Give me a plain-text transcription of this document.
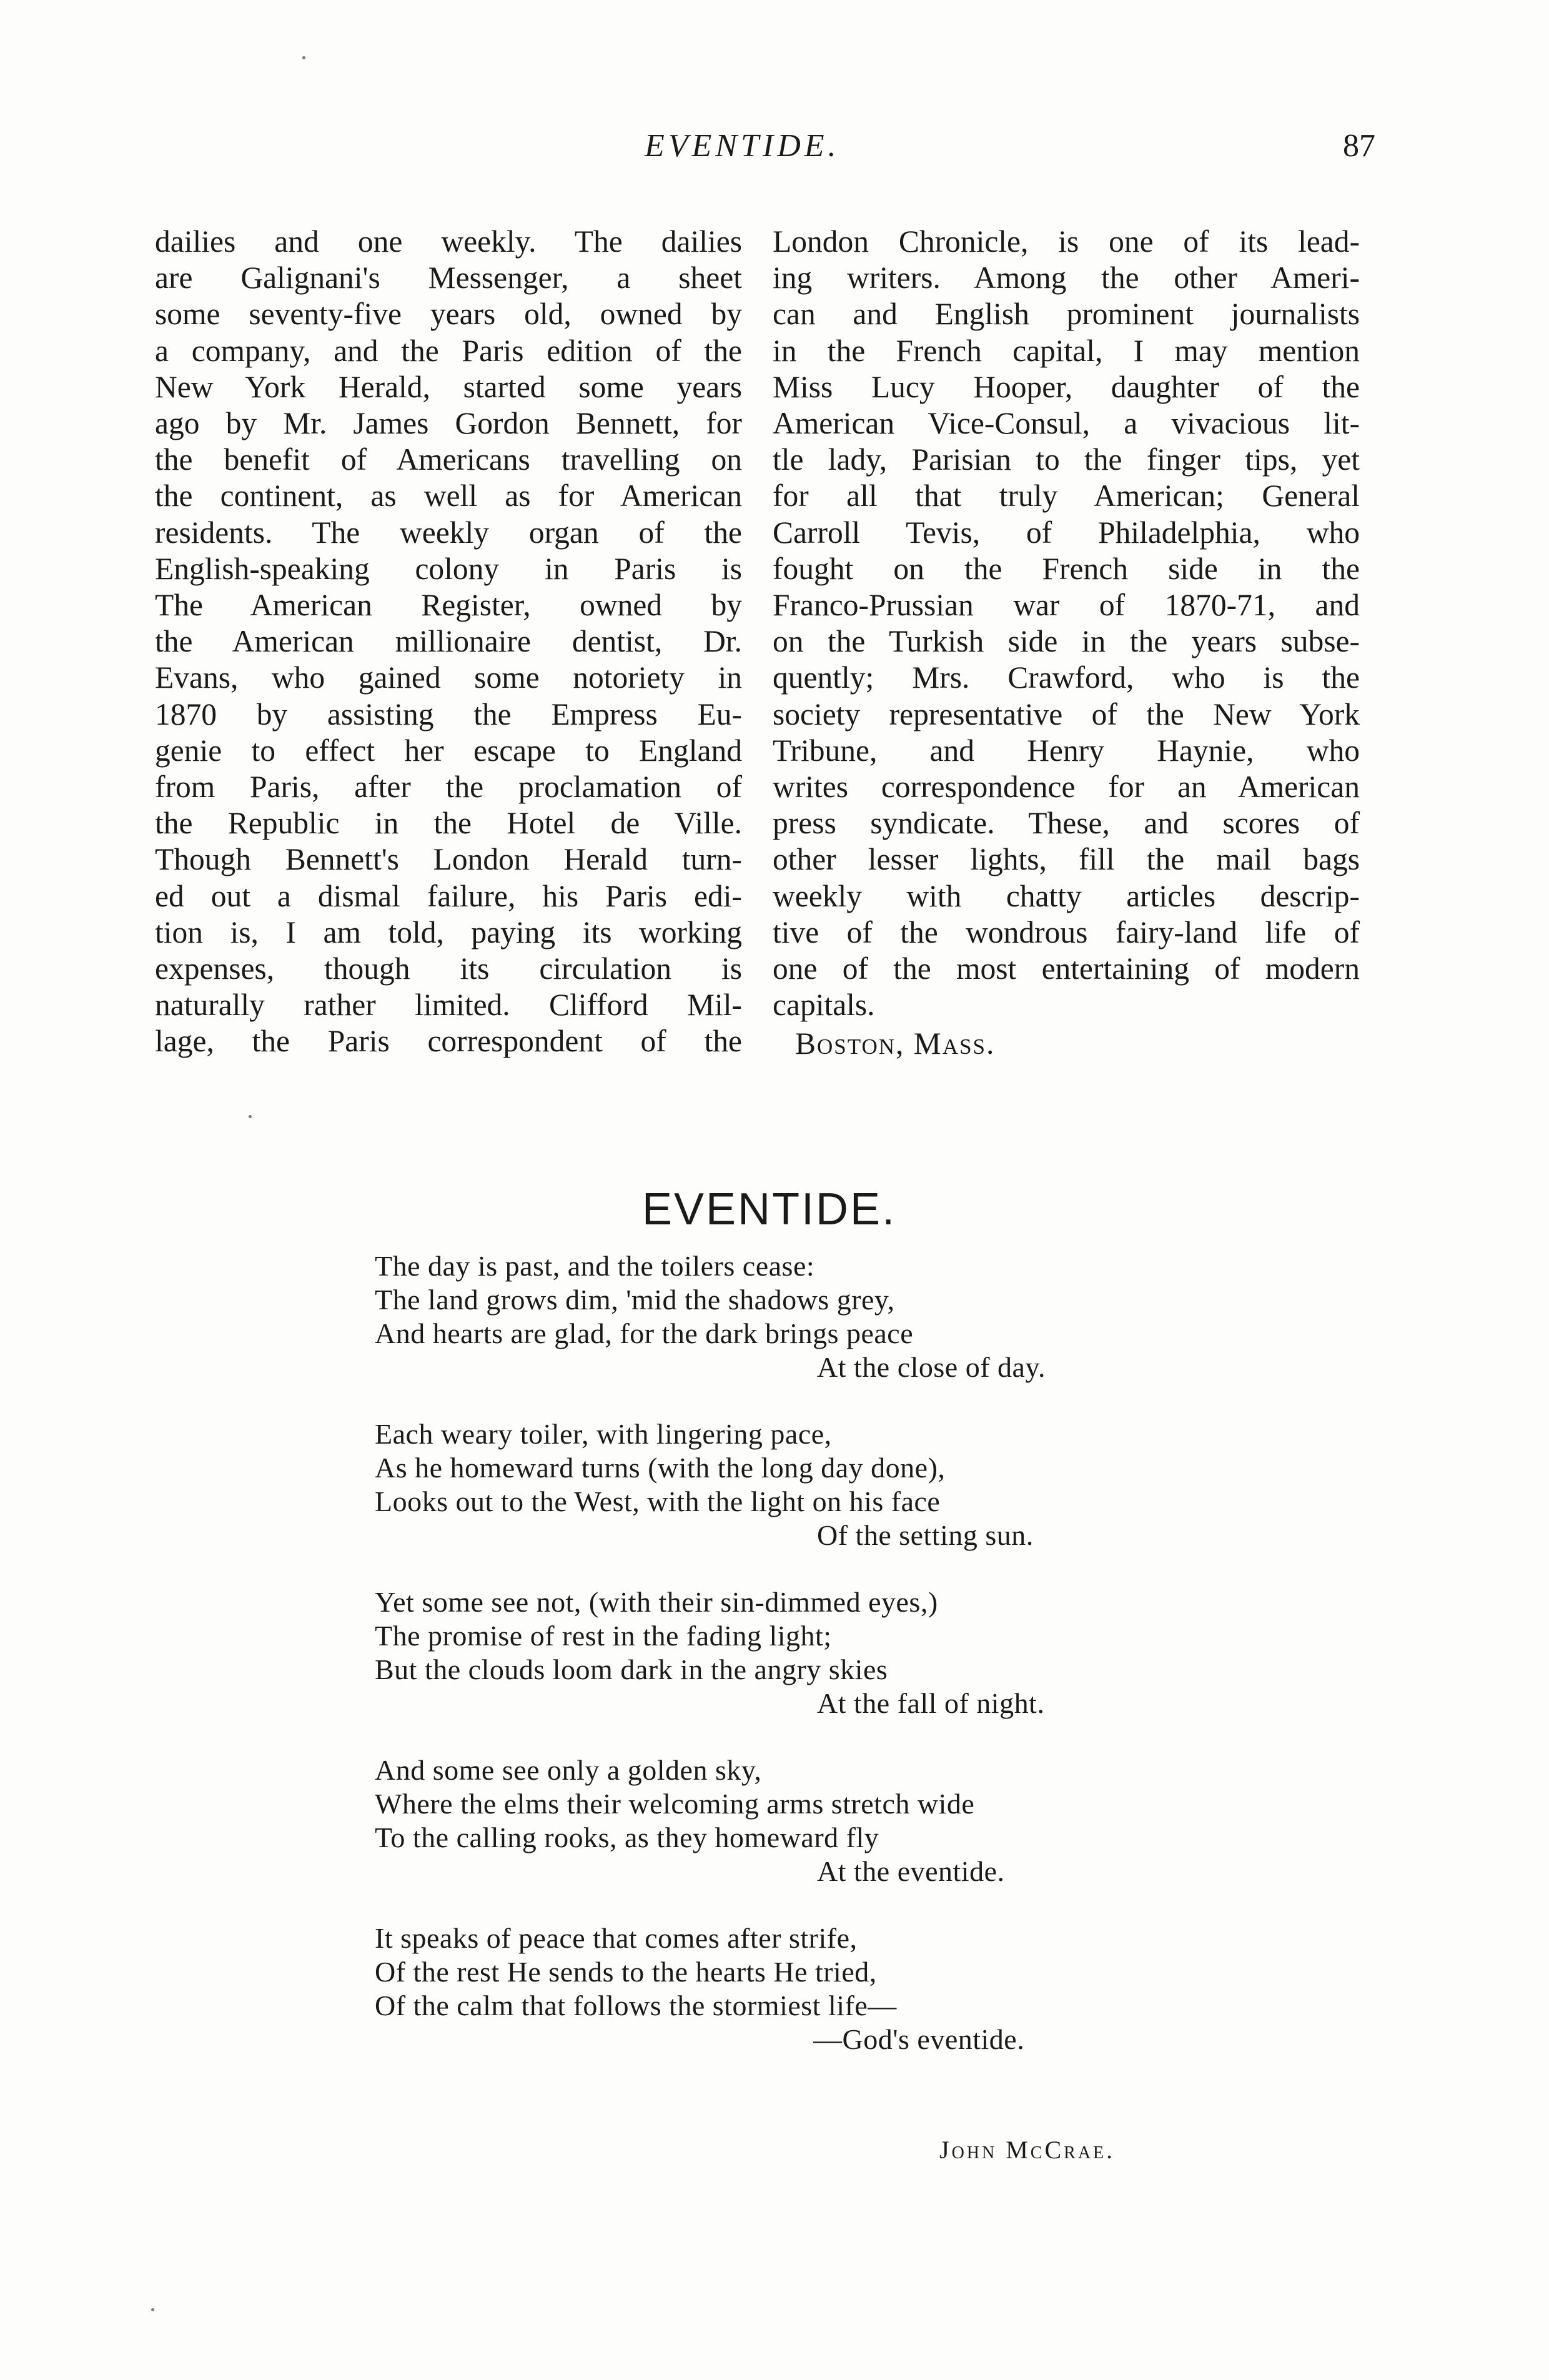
EVENTIDE.	87

dailies and one weekly. The dailies
are Galignani's Messenger, a sheet
some seventy-five years old, owned by
a company, and the Paris edition of the
New York Herald, started some years
ago by Mr. James Gordon Bennett, for
the benefit of Americans travelling on
the continent, as well as for American
residents. The weekly organ of the
English-speaking colony in Paris is
The American Register, owned by
the American millionaire dentist, Dr.
Evans, who gained some notoriety in
1870 by assisting the Empress Eu-
genie to effect her escape to England
from Paris, after the proclamation of
the Republic in the Hotel de Ville.
Though Bennett's London Herald turn-
ed out a dismal failure, his Paris edi-
tion is, I am told, paying its working
expenses, though its circulation is
naturally rather limited. Clifford Mil-
lage, the Paris correspondent of the

London Chronicle, is one of its lead-
ing writers. Among the other Ameri-
can and English prominent journalists
in the French capital, I may mention
Miss Lucy Hooper, daughter of the
American Vice-Consul, a vivacious lit-
tle lady, Parisian to the finger tips, yet
for all that truly American; General
Carroll Tevis, of Philadelphia, who
fought on the French side in the
Franco-Prussian war of 1870-71, and
on the Turkish side in the years subse-
quently; Mrs. Crawford, who is the
society representative of the New York
Tribune, and Henry Haynie, who
writes correspondence for an American
press syndicate. These, and scores of
other lesser lights, fill the mail bags
weekly with chatty articles descrip-
tive of the wondrous fairy-land life of
one of the most entertaining of modern
capitals.

Boston, Mass.
EVENTIDE.
The day is past, and the toilers cease:
The land grows dim, 'mid the shadows grey,
And hearts are glad, for the dark brings peace
At the close of day.
Each weary toiler, with lingering pace,
As he homeward turns (with the long day done),
Looks out to the West, with the light on his face
Of the setting sun.
Yet some see not, (with their sin-dimmed eyes,)
The promise of rest in the fading light;
But the clouds loom dark in the angry skies
At the fall of night.
And some see only a golden sky,
Where the elms their welcoming arms stretch wide
To the calling rooks, as they homeward fly
At the eventide.
It speaks of peace that comes after strife,
Of the rest He sends to the hearts He tried,
Of the calm that follows the stormiest life—
—God's eventide.
John McCrae.
